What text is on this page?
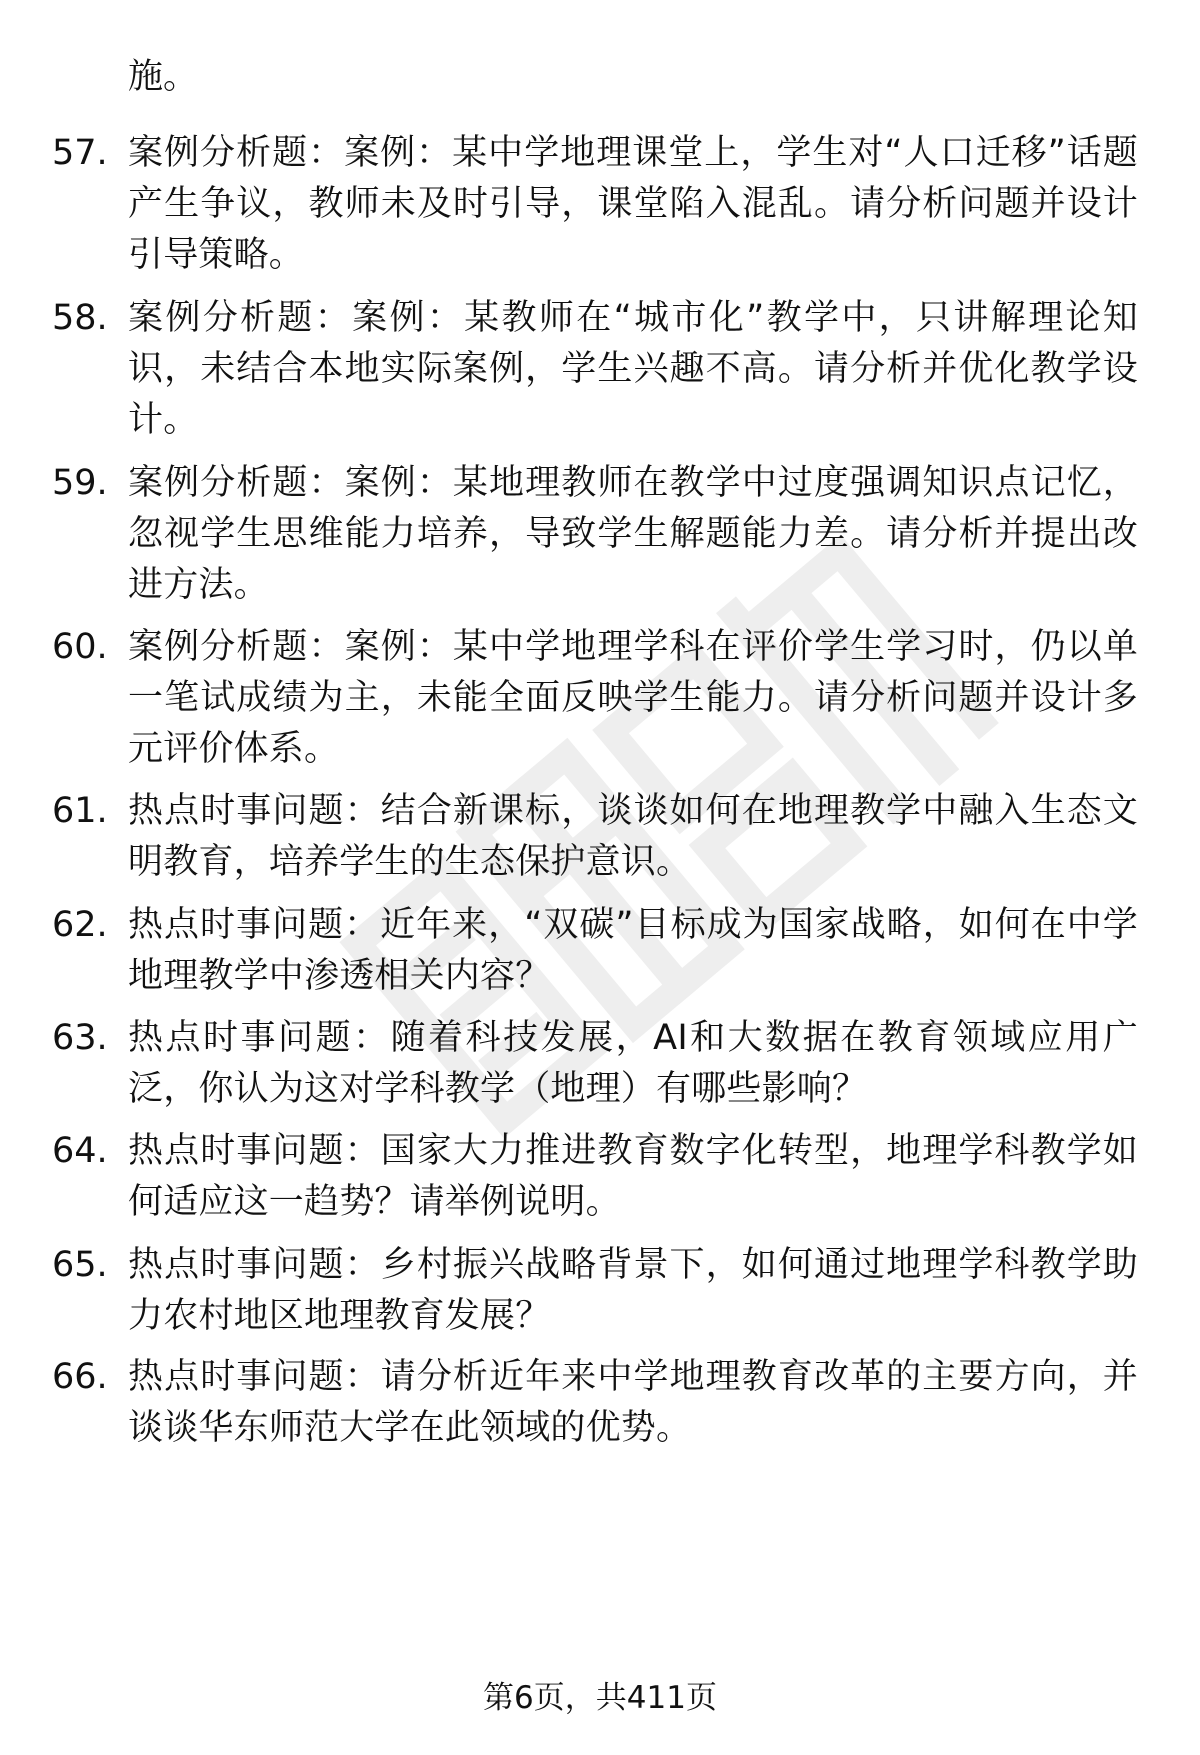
施。

57. 案例分析题：案例：某中学地理课堂上，学生对“人口迁移”话题产生争议，教师未及时引导，课堂陷入混乱。请分析问题并设计引导策略。
58. 案例分析题：案例：某教师在“城市化”教学中，只讲解理论知识，未结合本地实际案例，学生兴趣不高。请分析并优化教学设计。
59. 案例分析题：案例：某地理教师在教学中过度强调知识点记忆，忽视学生思维能力培养，导致学生解题能力差。请分析并提出改进方法。
60. 案例分析题：案例：某中学地理学科在评价学生学习时，仍以单一笔试成绩为主，未能全面反映学生能力。请分析问题并设计多元评价体系。
61. 热点时事问题：结合新课标，谈谈如何在地理教学中融入生态文明教育，培养学生的生态保护意识。
62. 热点时事问题：近年来，“双碳”目标成为国家战略，如何在中学地理教学中渗透相关内容？
63. 热点时事问题：随着科技发展，AI和大数据在教育领域应用广泛，你认为这对学科教学（地理）有哪些影响？
64. 热点时事问题：国家大力推进教育数字化转型，地理学科教学如何适应这一趋势？请举例说明。
65. 热点时事问题：乡村振兴战略背景下，如何通过地理学科教学助力农村地区地理教育发展？
66. 热点时事问题：请分析近年来中学地理教育改革的主要方向，并谈谈华东师范大学在此领域的优势。
第6页，共411页
